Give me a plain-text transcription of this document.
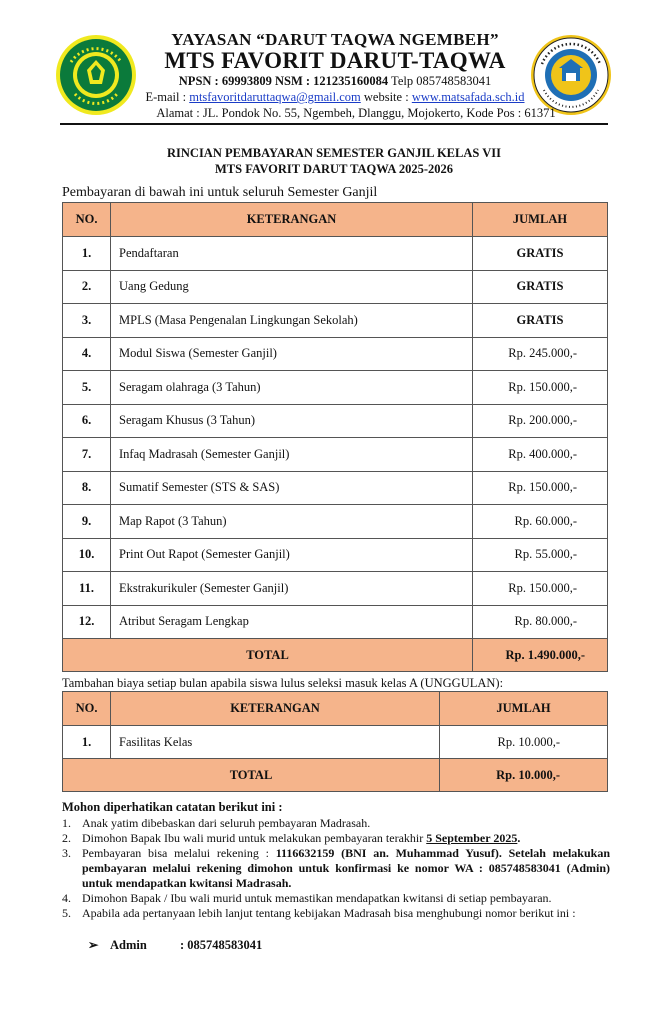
YAYASAN “DARUT TAQWA NGEMBEH”
MTS FAVORIT DARUT-TAQWA
NPSN : 69993809 NSM : 121235160084 Telp 085748583041
E-mail : mtsfavoritdaruttaqwa@gmail.com website : www.matsafada.sch.id
Alamat : JL. Pondok No. 55, Ngembeh, Dlanggu, Mojokerto, Kode Pos : 61371
RINCIAN PEMBAYARAN SEMESTER GANJIL KELAS VII
MTS FAVORIT DARUT TAQWA 2025-2026
Pembayaran di bawah ini untuk seluruh Semester Ganjil
NO.	KETERANGAN	JUMLAH
1.	Pendaftaran	GRATIS
2.	Uang Gedung	GRATIS
3.	MPLS (Masa Pengenalan Lingkungan Sekolah)	GRATIS
4.	Modul Siswa (Semester Ganjil)	Rp. 245.000,-
5.	Seragam olahraga (3 Tahun)	Rp. 150.000,-
6.	Seragam Khusus (3 Tahun)	Rp. 200.000,-
7.	Infaq Madrasah (Semester Ganjil)	Rp. 400.000,-
8.	Sumatif Semester (STS & SAS)	Rp. 150.000,-
9.	Map Rapot (3 Tahun)	Rp. 60.000,-
10.	Print Out Rapot (Semester Ganjil)	Rp. 55.000,-
11.	Ekstrakurikuler (Semester Ganjil)	Rp. 150.000,-
12.	Atribut Seragam Lengkap	Rp. 80.000,-
TOTAL		Rp. 1.490.000,-
Tambahan biaya setiap bulan apabila siswa lulus seleksi masuk kelas A (UNGGULAN):
NO.	KETERANGAN	JUMLAH
1.	Fasilitas Kelas	Rp. 10.000,-
TOTAL		Rp. 10.000,-
Mohon diperhatikan catatan berikut ini :
1. Anak yatim dibebaskan dari seluruh pembayaran Madrasah.
2. Dimohon Bapak Ibu wali murid untuk melakukan pembayaran terakhir 5 September 2025.
3. Pembayaran bisa melalui rekening : 1116632159 (BNI an. Muhammad Yusuf). Setelah melakukan pembayaran melalui rekening dimohon untuk konfirmasi ke nomor WA : 085748583041 (Admin) untuk mendapatkan kwitansi Madrasah.
4. Dimohon Bapak / Ibu wali murid untuk memastikan mendapatkan kwitansi di setiap pembayaran.
5. Apabila ada pertanyaan lebih lanjut tentang kebijakan Madrasah bisa menghubungi nomor berikut ini :
➢ Admin	: 085748583041
